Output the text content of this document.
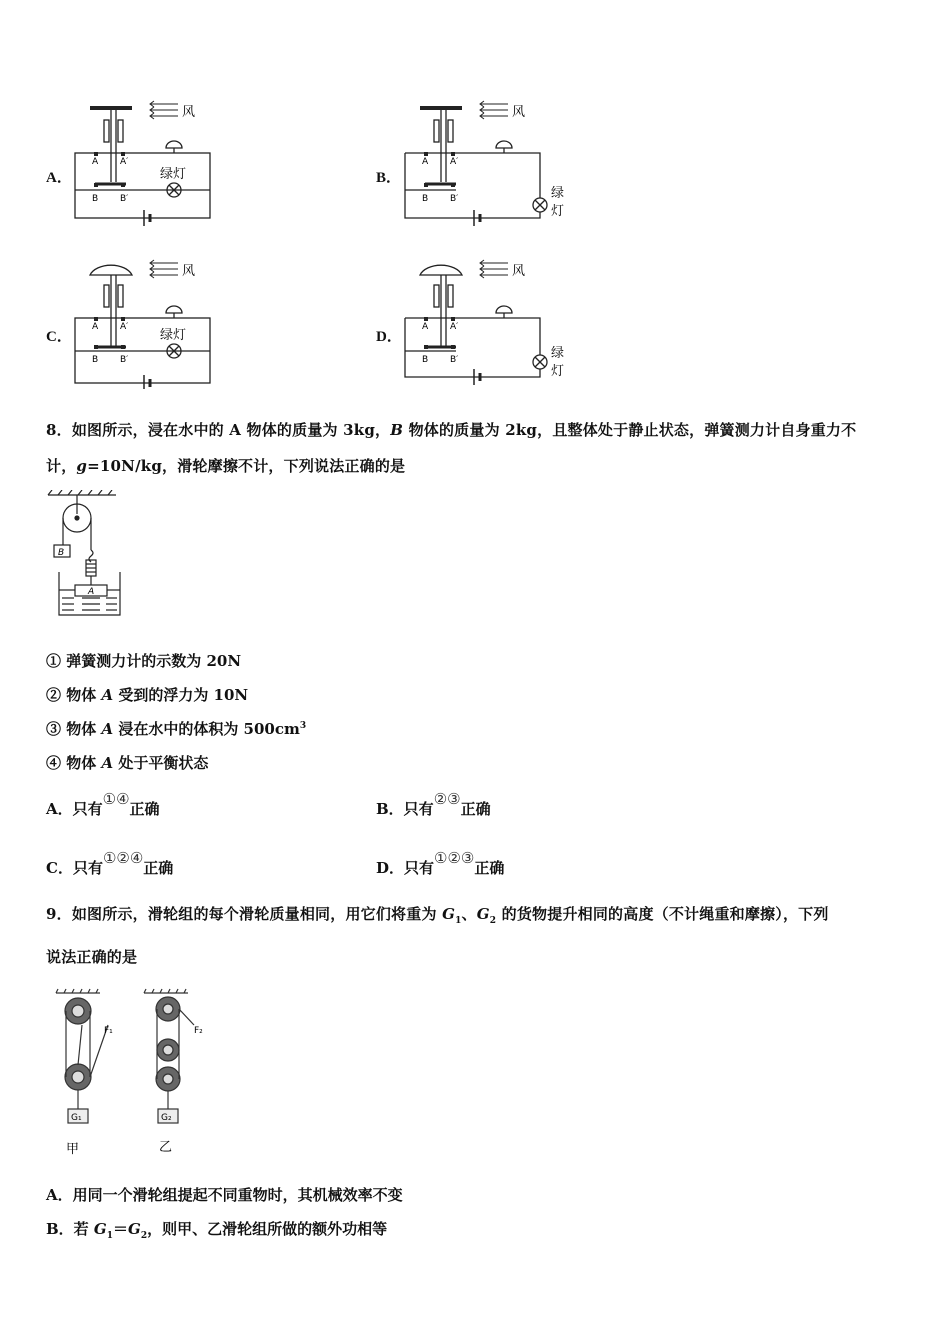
A．
风
A A′
B B′
绿灯	B．
风
A A′
B B′	绿
灯
C．
风
A A′
B B′
绿灯	D．
风
A A′
B B′	绿
灯
8．如图所示，浸在水中的 A 物体的质量为 3kg，B 物体的质量为 2kg，且整体处于静止状态，弹簧测力计自身重力不
计，g=10N/kg，滑轮摩擦不计，下列说法正确的是
B
A
① 弹簧测力计的示数为 20N
② 物体 A 受到的浮力为 10N
③ 物体 A 浸在水中的体积为 $500cm^3$
④ 物体 A 处于平衡状态
A．只有①④正确	B．只有②③正确
C．只有①②④正确	D．只有①②③正确
9．如图所示，滑轮组的每个滑轮质量相同，用它们将重为 $G_1$、$G_2$ 的货物提升相同的高度（不计绳重和摩擦），下列
说法正确的是
F₁	F₂
G₁	G₂
甲	乙
A．用同一个滑轮组提起不同重物时，其机械效率不变
B．若 $G_1=G_2$，则甲、乙滑轮组所做的额外功相等
